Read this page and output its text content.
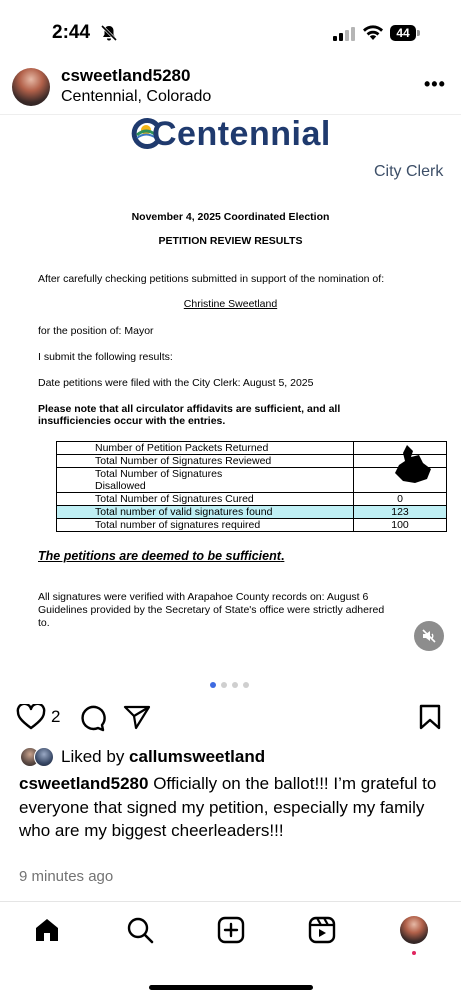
2:44	44
csweetland5280
Centennial, Colorado
•••
Centennial
City Clerk
November 4, 2025 Coordinated Election
PETITION REVIEW RESULTS
After carefully checking petitions submitted in support of the nomination of:
Christine Sweetland
for the position of: Mayor
I submit the following results:
Date petitions were filed with the City Clerk: August 5, 2025
Please note that all circulator affidavits are sufficient, and all
insufficiencies occur with the entries.
Number of Petition Packets Returned	
Total Number of Signatures Reviewed	

Total Number of Signatures
Disallowed	

Total Number of Signatures Cured	0
Total number of valid signatures found	123
Total number of signatures required	100
The petitions are deemed to be sufficient.
All signatures were verified with Arapahoe County records on: August 6
Guidelines provided by the Secretary of State's office were strictly adhered
to.
2
Liked by callumsweetland
csweetland5280 Officially on the ballot!!! I’m grateful to everyone that signed my petition, especially my family who are my biggest cheerleaders!!!
9 minutes ago
